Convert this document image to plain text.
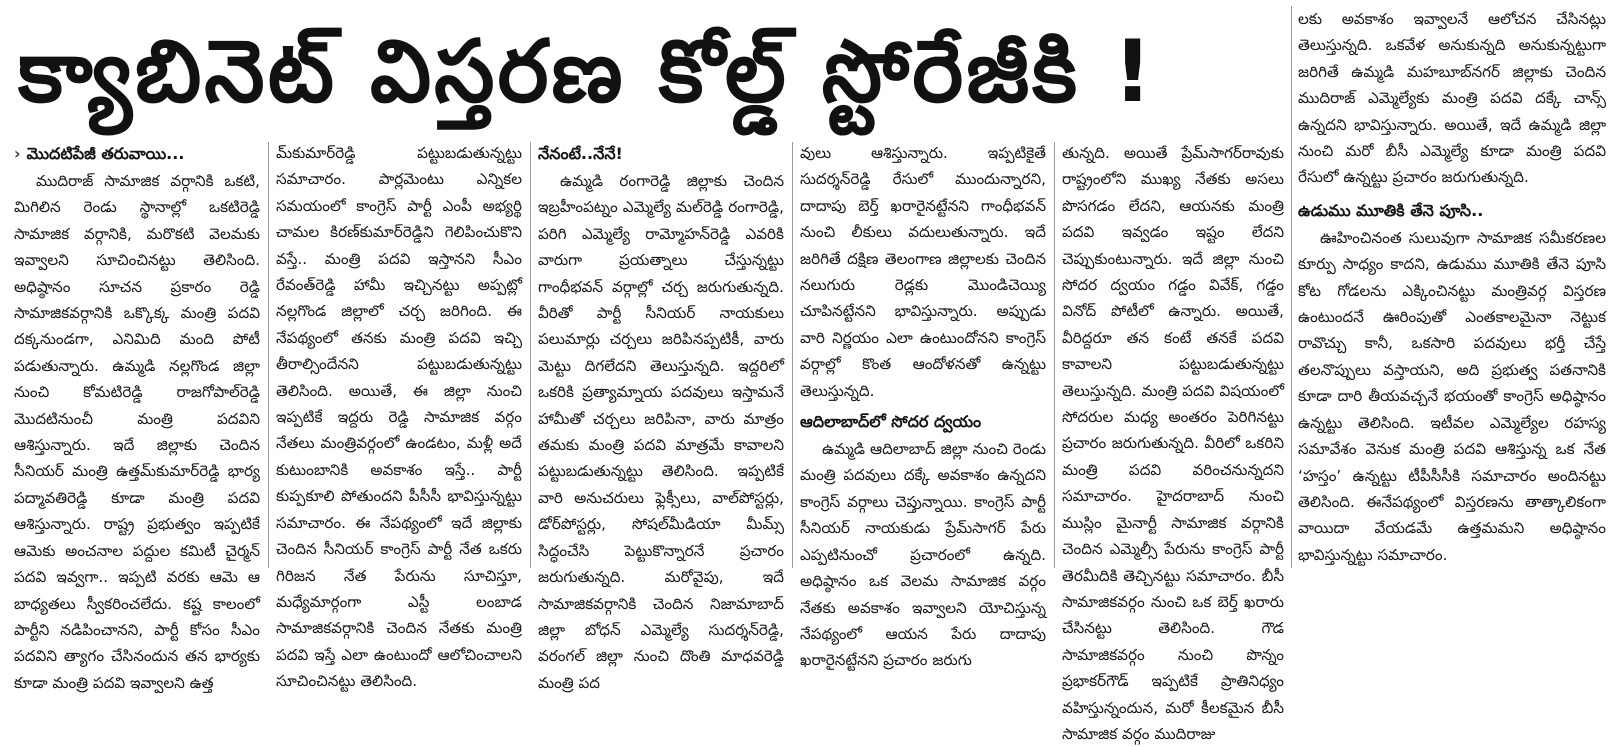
క్యాబినెట్ విస్తరణ కోల్డ్ స్టోరేజీకి !

లకు అవకాశం ఇవ్వాలనే ఆలోచన చేసినట్లు తెలుస్తున్నది. ఒకవేళ అనుకున్నది అనుకున్నట్టుగా జరిగితే ఉమ్మడి మహబూబ్‌నగర్ జిల్లాకు చెందిన ముదిరాజ్ ఎమ్మెల్యేకు మంత్రి పదవి దక్కే చాన్స్ ఉన్నదని భావిస్తున్నారు. అయితే, ఇదే ఉమ్మడి జిల్లా నుంచి మరో బీసీ ఎమ్మెల్యే కూడా మంత్రి పదవి రేసులో ఉన్నట్టు ప్రచారం జరుగుతున్నది.

ఉడుము మూతికి తేనె పూసి..

ఊహించినంత సులువుగా సామాజిక సమీకరణల కూర్పు సాధ్యం కాదని, ఉడుము మూతికి తేనె పూసి కోట గోడలను ఎక్కించినట్టు మంత్రివర్గ విస్తరణ ఉంటుందనే ఊరింపుతో ఎంతకాలమైనా నెట్టుక రావొచ్చు కానీ, ఒకసారి పదవులు భర్తీ చేస్తే తలనొప్పులు వస్తాయని, అది ప్రభుత్వ పతనానికి కూడా దారి తీయవచ్చనే భయంతో కాంగ్రెస్ అధిష్ఠానం ఉన్నట్టు తెలిసింది. ఇటీవల ఎమ్మెల్యేల రహస్య సమావేశం వెనుక మంత్రి పదవి ఆశిస్తున్న ఒక నేత ‘హస్తం’ ఉన్నట్టు టీపీసీసీకి సమాచారం అందినట్టు తెలిసింది. ఈనేపథ్యంలో విస్తరణను తాత్కాలికంగా వాయిదా వేయడమే ఉత్తమమని అధిష్ఠానం భావిస్తున్నట్టు సమాచారం.

› మొదటిపేజీ తరువాయి...

ముదిరాజ్ సామాజిక వర్గానికి ఒకటి, మిగిలిన రెండు స్థానాల్లో ఒకటిరెడ్డి సామాజిక వర్గానికి, మరొకటి వెలమకు ఇవ్వాలని సూచించినట్టు తెలిసింది. అధిష్ఠానం సూచన ప్రకారం రెడ్డి సామాజికవర్గానికి ఒక్కొక్క మంత్రి పదవి దక్కనుండగా, ఎనిమిది మంది పోటీ పడుతున్నారు. ఉమ్మడి నల్లగొండ జిల్లా నుంచి కోమటిరెడ్డి రాజగోపాల్‌రెడ్డి మొదటినుంచీ మంత్రి పదవిని ఆశిస్తున్నారు. ఇదే జిల్లాకు చెందిన సీనియర్ మంత్రి ఉత్తమ్‌కుమార్‌రెడ్డి భార్య పద్మావతిరెడ్డి కూడా మంత్రి పదవి ఆశిస్తున్నారు. రాష్ట్ర ప్రభుత్వం ఇప్పటికే ఆమెకు అంచనాల పద్దుల కమిటీ చైర్మన్ పదవి ఇవ్వగా.. ఇప్పటి వరకు ఆమె ఆ బాధ్యతలు స్వీకరించలేదు. కష్ట కాలంలో పార్టీని నడిపించానని, పార్టీ కోసం సీఎం పదవిని త్యాగం చేసినందున తన భార్యకు కూడా మంత్రి పదవి ఇవ్వాలని ఉత్త

మ్‌కుమార్‌రెడ్డి పట్టుబడుతున్నట్టు సమాచారం. పార్లమెంటు ఎన్నికల సమయంలో కాంగ్రెస్ పార్టీ ఎంపీ అభ్యర్థి చామల కిరణ్‌కుమార్‌రెడ్డిని గెలిపించుకొని వస్తే.. మంత్రి పదవి ఇస్తానని సీఎం రేవంత్‌రెడ్డి హామీ ఇచ్చినట్టు అప్పట్లో నల్లగొండ జిల్లాలో చర్చ జరిగింది. ఈ నేపథ్యంలో తనకు మంత్రి పదవి ఇచ్చి తీరాల్సిందేనని పట్టుబడుతున్నట్టు తెలిసింది. అయితే, ఈ జిల్లా నుంచి ఇప్పటికే ఇద్దరు రెడ్డి సామాజిక వర్గం నేతలు మంత్రివర్గంలో ఉండటం, మళ్లీ అదే కుటుంబానికి అవకాశం ఇస్తే.. పార్టీ కుప్పకూలి పోతుందని పీసీసీ భావిస్తున్నట్టు సమాచారం. ఈ నేపథ్యంలో ఇదే జిల్లాకు చెందిన సీనియర్ కాంగ్రెస్ పార్టీ నేత ఒకరు గిరిజన నేత పేరును సూచిస్తూ, మధ్యేమార్గంగా ఎస్టీ లంబాడ సామాజికవర్గానికి చెందిన నేతకు మంత్రి పదవి ఇస్తే ఎలా ఉంటుందో ఆలోచించాలని సూచించినట్టు తెలిసింది.

నేనంటే..నేనే!

ఉమ్మడి రంగారెడ్డి జిల్లాకు చెందిన ఇబ్రహీంపట్నం ఎమ్మెల్యే మల్‌రెడ్డి రంగారెడ్డి, పరిగి ఎమ్మెల్యే రామ్మోహన్‌రెడ్డి ఎవరికి వారుగా ప్రయత్నాలు చేస్తున్నట్టు గాంధీభవన్ వర్గాల్లో చర్చ జరుగుతున్నది. వీరితో పార్టీ సీనియర్ నాయకులు పలుమార్లు చర్చలు జరిపినప్పటికీ, వారు మెట్టు దిగలేదని తెలుస్తున్నది. ఇద్దరిలో ఒకరికి ప్రత్యామ్నాయ పదవులు ఇస్తామనే హామీతో చర్చలు జరిపినా, వారు మాత్రం తమకు మంత్రి పదవి మాత్రమే కావాలని పట్టుబడుతున్నట్టు తెలిసింది. ఇప్పటికే వారి అనుచరులు ఫ్లెక్సీలు, వాల్‌పోస్టర్లు, డోర్‌పోస్టర్లు, సోషల్‌మీడియా మీమ్స్ సిద్ధంచేసి పెట్టుకొన్నారనే ప్రచారం జరుగుతున్నది. మరోవైపు, ఇదే సామాజికవర్గానికి చెందిన నిజామాబాద్ జిల్లా బోధన్ ఎమ్మెల్యే సుదర్శన్‌రెడ్డి, వరంగల్ జిల్లా నుంచి దొంతి మాధవరెడ్డి మంత్రి పద

వులు ఆశిస్తున్నారు. ఇప్పటికైతే సుదర్శన్‌రెడ్డి రేసులో ముందున్నారని, దాదాపు బెర్త్ ఖరారైనట్టేనని గాంధీభవన్ నుంచి లీకులు వదులుతున్నారు. ఇదే జరిగితే దక్షిణ తెలంగాణ జిల్లాలకు చెందిన నలుగురు రెడ్లకు మొండిచెయ్యి చూపినట్టేనని భావిస్తున్నారు. అప్పుడు వారి నిర్ణయం ఎలా ఉంటుందోనని కాంగ్రెస్ వర్గాల్లో కొంత ఆందోళనతో ఉన్నట్టు తెలుస్తున్నది.

ఆదిలాబాద్‌లో సోదర ద్వయం

ఉమ్మడి ఆదిలాబాద్ జిల్లా నుంచి రెండు మంత్రి పదవులు దక్కే అవకాశం ఉన్నదని కాంగ్రెస్ వర్గాలు చెప్తున్నాయి. కాంగ్రెస్ పార్టీ సీనియర్ నాయకుడు ప్రేమ్‌సాగర్ పేరు ఎప్పటినుంచో ప్రచారంలో ఉన్నది. అధిష్ఠానం ఒక వెలమ సామాజిక వర్గం నేతకు అవకాశం ఇవ్వాలని యోచిస్తున్న నేపథ్యంలో ఆయన పేరు దాదాపు ఖరారైనట్టేనని ప్రచారం జరుగు

తున్నది. అయితే ప్రేమ్‌సాగర్‌రావుకు రాష్ట్రంలోని ముఖ్య నేతకు అసలు పొసగడం లేదని, ఆయనకు మంత్రి పదవి ఇవ్వడం ఇష్టం లేదని చెప్పుకుంటున్నారు. ఇదే జిల్లా నుంచి సోదర ద్వయం గడ్డం వివేక్, గడ్డం వినోద్ పోటీలో ఉన్నారు. అయితే, వీరిద్దరూ తన కంటే తనకే పదవి కావాలని పట్టుబడుతున్నట్టు తెలుస్తున్నది. మంత్రి పదవి విషయంలో సోదరుల మధ్య అంతరం పెరిగినట్టు ప్రచారం జరుగుతున్నది. వీరిలో ఒకరిని మంత్రి పదవి వరించనున్నదని సమాచారం. హైదరాబాద్ నుంచి ముస్లిం మైనార్టీ సామాజిక వర్గానికి చెందిన ఎమ్మెల్సీ పేరును కాంగ్రెస్ పార్టీ తెరమీదికి తెచ్చినట్టు సమాచారం. బీసీ సామాజికవర్గం నుంచి ఒక బెర్త్ ఖరారు చేసినట్టు తెలిసింది. గౌడ సామాజికవర్గం నుంచి పొన్నం ప్రభాకర్‌గౌడ్ ఇప్పటికే ప్రాతినిధ్యం వహిస్తున్నందున, మరో కీలకమైన బీసీ సామాజిక వర్గం ముదిరాజు
